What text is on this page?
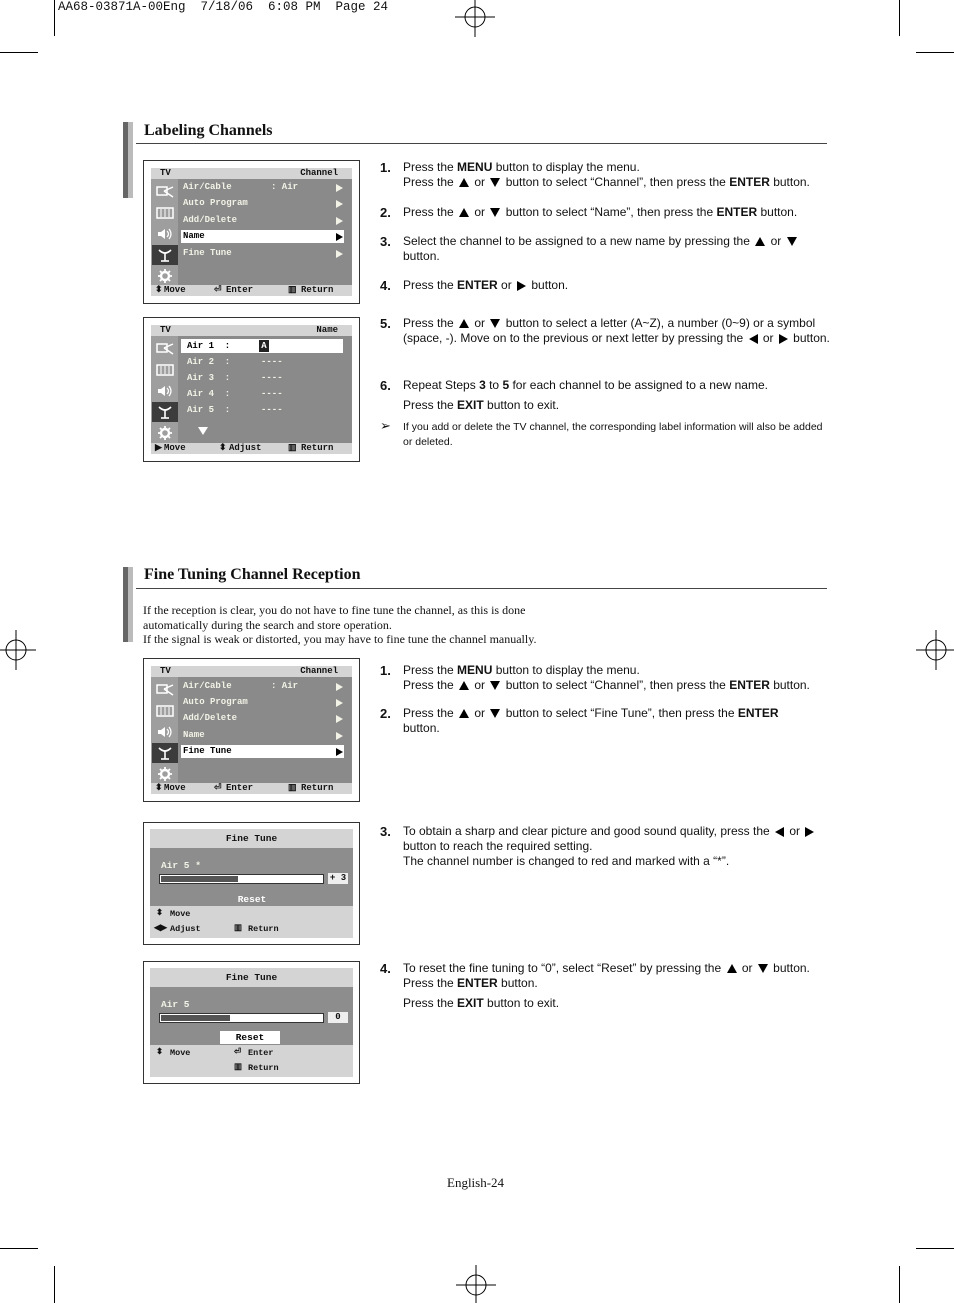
AA68-03871A-00Eng  7/18/06  6:08 PM  Page 24
Labeling Channels
TV	Channel
Air/Cable	: Air
Auto Program
Add/Delete
Name
Fine Tune
⬍ Move	⏎ Enter	▥ Return
TV	Name
Air 1  :	A
Air 2  :	----
Air 3  :	----
Air 4  :	----
Air 5  :	----
▶ Move	⬍ Adjust	▥ Return
1. Press the MENU button to display the menu.
Press the  or  button to select “Channel”, then press the ENTER button.
2. Press the  or  button to select “Name”, then press the ENTER button.
3. Select the channel to be assigned to a new name by pressing the  or
button.
4. Press the ENTER or  button.
5. Press the  or  button to select a letter (A~Z), a number (0~9) or a symbol (space, -). Move on to the previous or next letter by pressing the  or  button.
6. Repeat Steps 3 to 5 for each channel to be assigned to a new name.

Press the EXIT button to exit.
➢ If you add or delete the TV channel, the corresponding label information will also be added or deleted.
Fine Tuning Channel Reception
If the reception is clear, you do not have to fine tune the channel, as this is done
automatically during the search and store operation.
If the signal is weak or distorted, you may have to fine tune the channel manually.
TV	Channel
Air/Cable	: Air
Auto Program
Add/Delete
Name
Fine Tune
⬍ Move	⏎ Enter	▥ Return
Fine Tune
Air 5 *
+ 3
Reset
⬍ Move
◀▶ Adjust	▥ Return
Fine Tune
Air 5
0
Reset
⬍ Move	⏎ Enter
▥ Return
1. Press the MENU button to display the menu.
Press the  or  button to select “Channel”, then press the ENTER button.
2. Press the  or  button to select “Fine Tune”, then press the ENTER
button.
3. To obtain a sharp and clear picture and good sound quality, press the  or
button to reach the required setting.
The channel number is changed to red and marked with a “*”.
4. To reset the fine tuning to “0”, select “Reset” by pressing the  or  button.
Press the ENTER button.

Press the EXIT button to exit.
English-24
